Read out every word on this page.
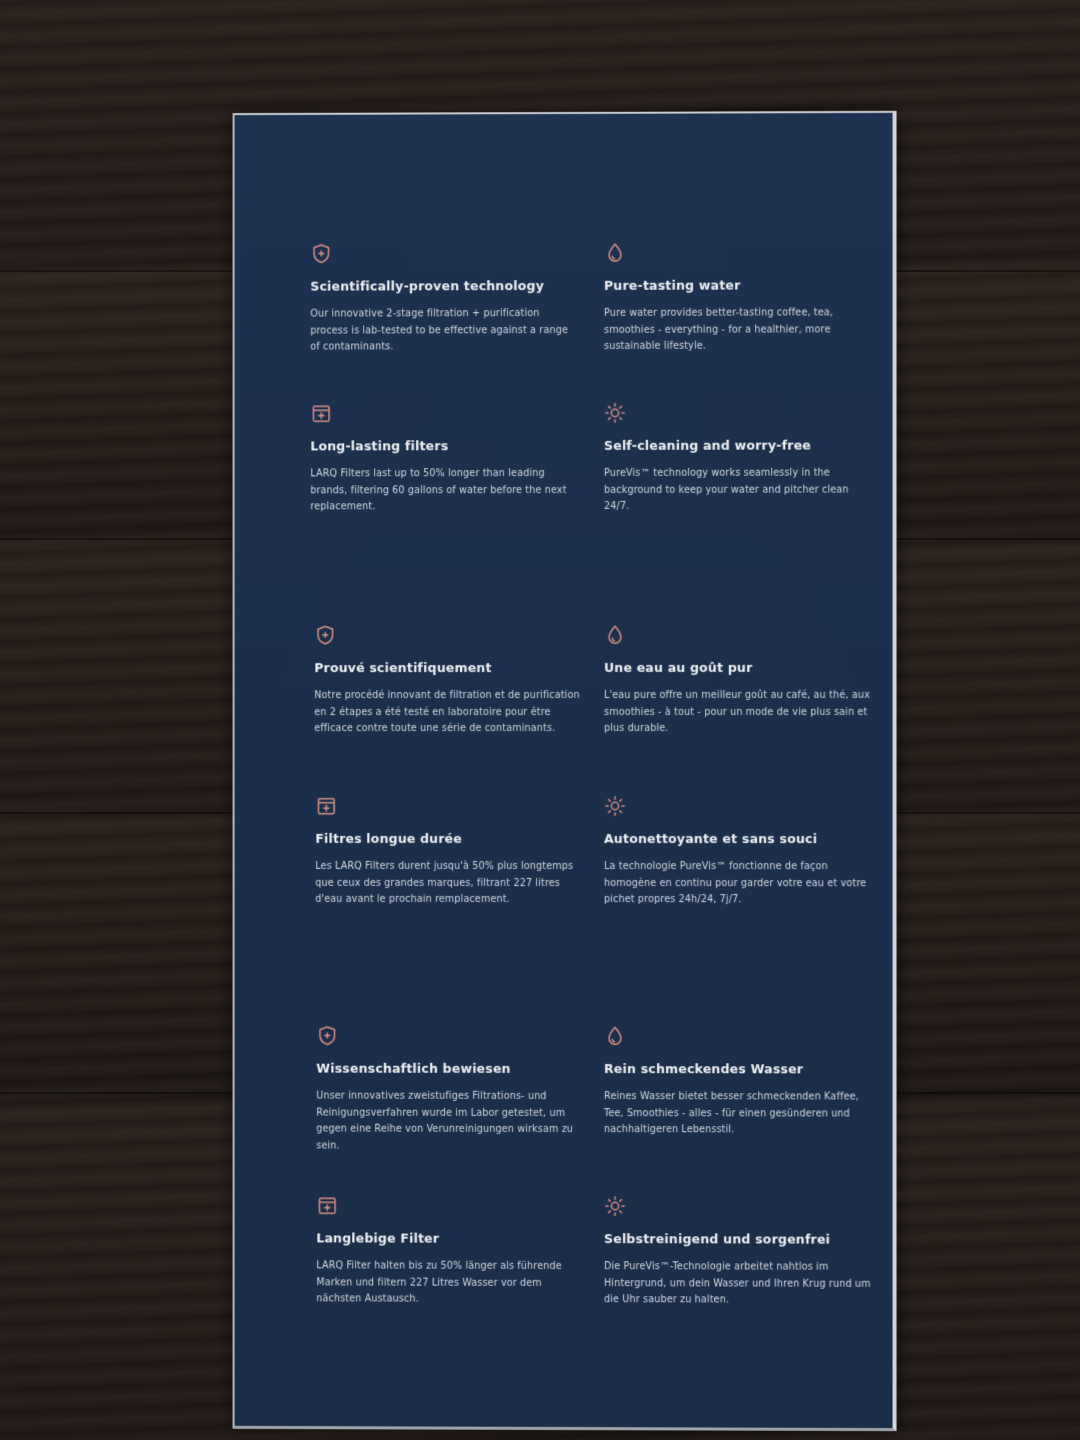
Scientifically-proven technology

Our innovative 2-stage filtration + purification process is lab-tested to be effective against a range of contaminants.

Pure-tasting water

Pure water provides better-tasting coffee, tea, smoothies - everything - for a healthier, more sustainable lifestyle.

Long-lasting filters

LARQ Filters last up to 50% longer than leading brands, filtering 60 gallons of water before the next replacement.

Self-cleaning and worry-free

PureVis™ technology works seamlessly in the background to keep your water and pitcher clean 24/7.

Prouvé scientifiquement

Notre procédé innovant de filtration et de purification en 2 étapes a été testé en laboratoire pour être efficace contre toute une série de contaminants.

Une eau au goût pur

L'eau pure offre un meilleur goût au café, au thé, aux smoothies - à tout - pour un mode de vie plus sain et plus durable.

Filtres longue durée

Les LARQ Filters durent jusqu'à 50% plus longtemps que ceux des grandes marques, filtrant 227 litres d'eau avant le prochain remplacement.

Autonettoyante et sans souci

La technologie PureVis™ fonctionne de façon homogène en continu pour garder votre eau et votre pichet propres 24h/24, 7j/7.

Wissenschaftlich bewiesen

Unser innovatives zweistufiges Filtrations- und Reinigungsverfahren wurde im Labor getestet, um gegen eine Reihe von Verunreinigungen wirksam zu sein.

Rein schmeckendes Wasser

Reines Wasser bietet besser schmeckenden Kaffee, Tee, Smoothies - alles - für einen gesünderen und nachhaltigeren Lebensstil.

Langlebige Filter

LARQ Filter halten bis zu 50% länger als führende Marken und filtern 227 Litres Wasser vor dem nächsten Austausch.

Selbstreinigend und sorgenfrei

Die PureVis™-Technologie arbeitet nahtlos im Hintergrund, um dein Wasser und Ihren Krug rund um die Uhr sauber zu halten.
